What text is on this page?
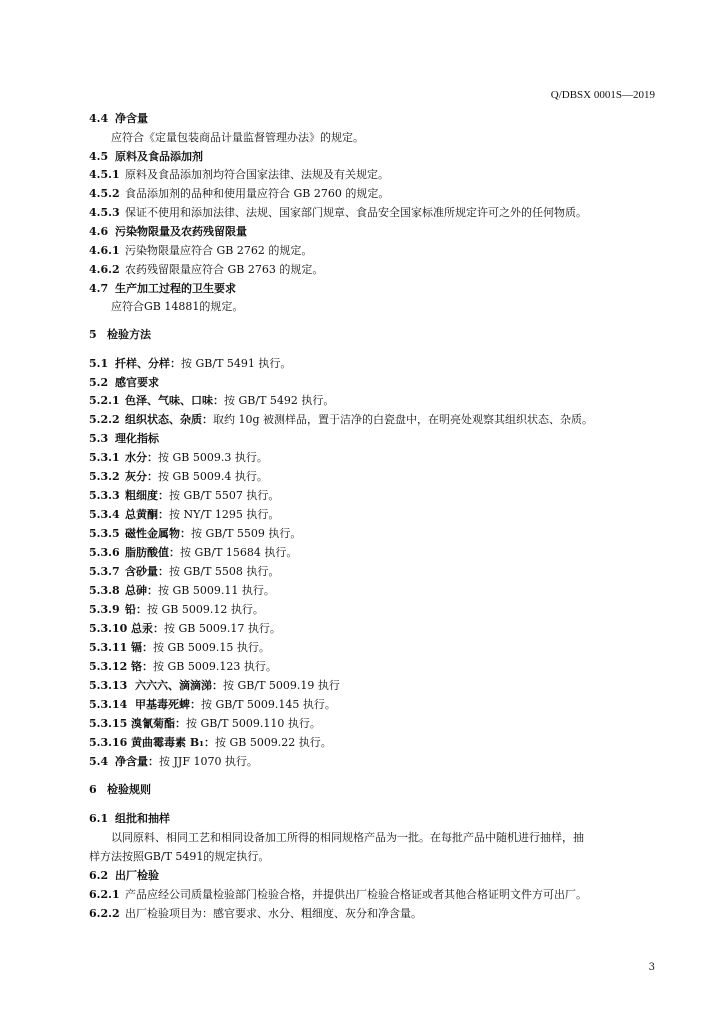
Q/DBSX 0001S—2019
4.4 净含量
应符合《定量包装商品计量监督管理办法》的规定。
4.5 原料及食品添加剂
4.5.1 原料及食品添加剂均符合国家法律、法规及有关规定。
4.5.2 食品添加剂的品种和使用量应符合 GB 2760 的规定。
4.5.3 保证不使用和添加法律、法规、国家部门规章、食品安全国家标准所规定许可之外的任何物质。
4.6 污染物限量及农药残留限量
4.6.1 污染物限量应符合 GB 2762 的规定。
4.6.2 农药残留限量应符合 GB 2763 的规定。
4.7 生产加工过程的卫生要求
应符合GB 14881的规定。
5 检验方法
5.1 扦样、分样：按 GB/T 5491 执行。
5.2 感官要求
5.2.1 色泽、气味、口味：按 GB/T 5492 执行。
5.2.2 组织状态、杂质：取约 10g 被测样品，置于洁净的白瓷盘中，在明亮处观察其组织状态、杂质。
5.3 理化指标
5.3.1 水分：按 GB 5009.3 执行。
5.3.2 灰分：按 GB 5009.4 执行。
5.3.3 粗细度：按 GB/T 5507 执行。
5.3.4 总黄酮：按 NY/T 1295 执行。
5.3.5 磁性金属物：按 GB/T 5509 执行。
5.3.6 脂肪酸值：按 GB/T 15684 执行。
5.3.7 含砂量：按 GB/T 5508 执行。
5.3.8 总砷：按 GB 5009.11 执行。
5.3.9 铅：按 GB 5009.12 执行。
5.3.10 总汞：按 GB 5009.17 执行。
5.3.11 镉：按 GB 5009.15 执行。
5.3.12 铬：按 GB 5009.123 执行。
5.3.13 六六六、滴滴涕：按 GB/T 5009.19 执行
5.3.14 甲基毒死蜱：按 GB/T 5009.145 执行。
5.3.15 溴氰菊酯：按 GB/T 5009.110 执行。
5.3.16 黄曲霉毒素 B₁：按 GB 5009.22 执行。
5.4 净含量：按 JJF 1070 执行。
6 检验规则
6.1 组批和抽样
以同原料、相同工艺和相同设备加工所得的相同规格产品为一批。在每批产品中随机进行抽样，抽
样方法按照GB/T 5491的规定执行。
6.2 出厂检验
6.2.1 产品应经公司质量检验部门检验合格，并提供出厂检验合格证或者其他合格证明文件方可出厂。
6.2.2 出厂检验项目为：感官要求、水分、粗细度、灰分和净含量。
3
